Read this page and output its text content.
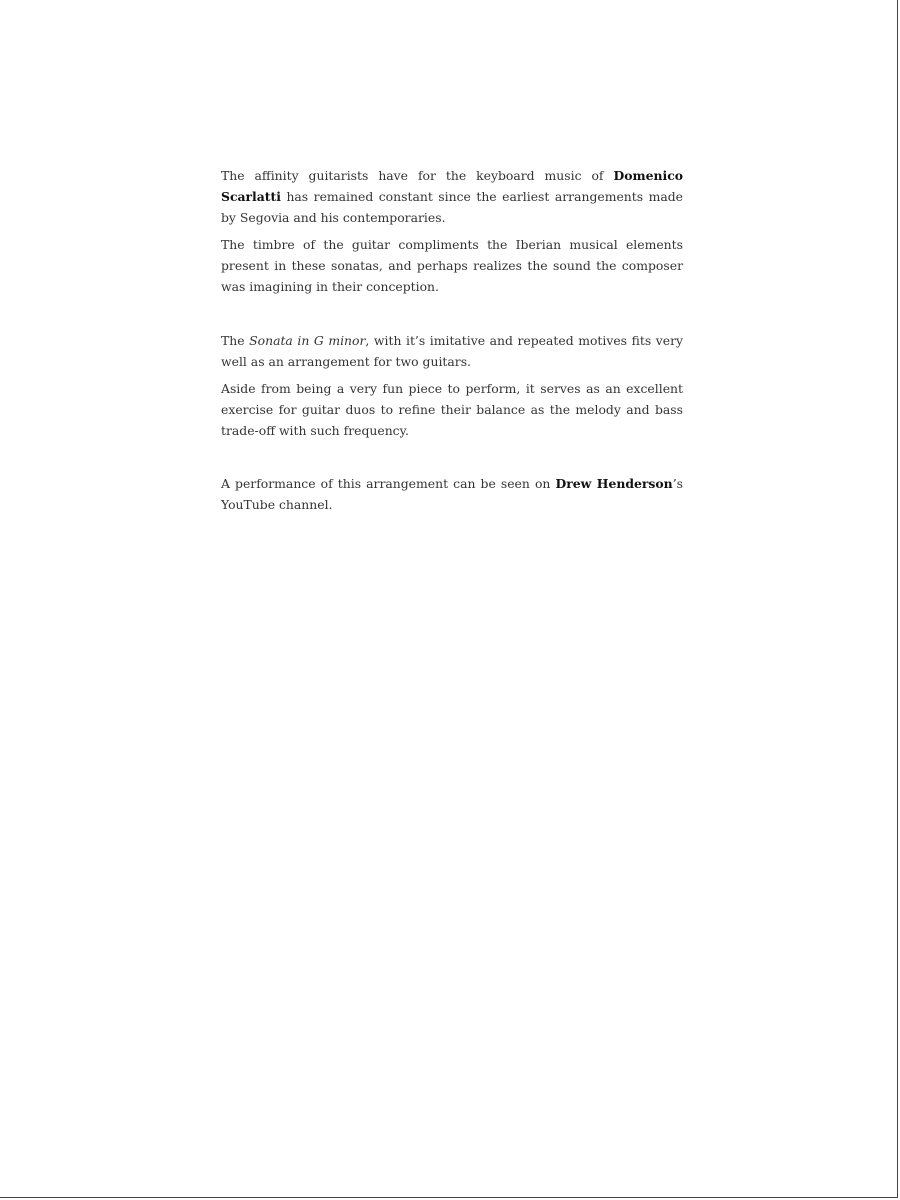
The affinity guitarists have for the keyboard music of Domenico Scarlatti has remained constant since the earliest arrangements made by Segovia and his contemporaries.

The timbre of the guitar compliments the Iberian musical elements present in these sonatas, and perhaps realizes the sound the composer was imagining in their conception.

The Sonata in G minor, with it’s imitative and repeated motives fits very well as an arrangement for two guitars.

Aside from being a very fun piece to perform, it serves as an excellent exercise for guitar duos to refine their balance as the melody and bass trade-off with such frequency.

A performance of this arrangement can be seen on Drew Henderson’s YouTube channel.
